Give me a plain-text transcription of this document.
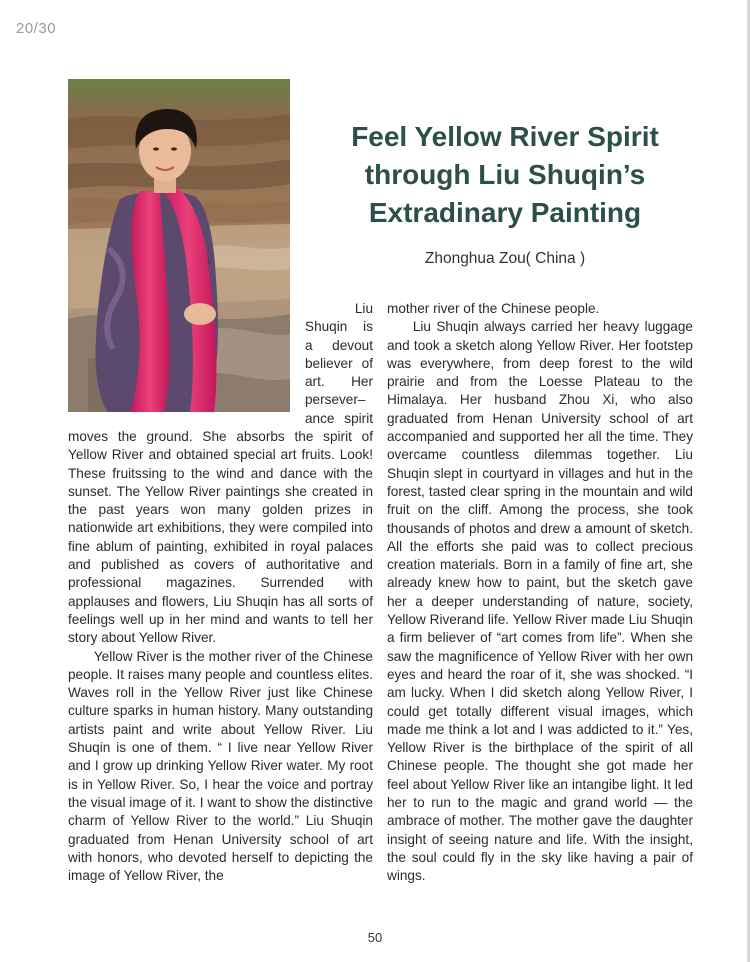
20/30
Feel Yellow River Spirit through Liu Shuqin’s Extradinary Painting
Zhonghua Zou( China )
Liu
Shuqin is
a devout
believer of
art. Her
persever–
ance spirit

moves the ground. She absorbs the spirit of Yellow River and obtained special art fruits. Look! These fruitssing to the wind and dance with the sunset. The Yellow River paintings she created in the past years won many golden prizes in nationwide art exhibitions, they were compiled into fine ablum of painting, exhibited in royal palaces and published as covers of authoritative and professional magazines. Surrended with applauses and flowers, Liu Shuqin has all sorts of feelings well up in her mind and wants to tell her story about Yellow River.

Yellow River is the mother river of the Chinese people. It raises many people and countless elites. Waves roll in the Yellow River just like Chinese culture sparks in human history. Many outstanding artists paint and write about Yellow River. Liu Shuqin is one of them. “ I live near Yellow River and I grow up drinking Yellow River water. My root is in Yellow River. So, I hear the voice and portray the visual image of it. I want to show the distinctive charm of Yellow River to the world.” Liu Shuqin graduated from Henan University school of art with honors, who devoted herself to depicting the image of Yellow River, the

mother river of the Chinese people.

Liu Shuqin always carried her heavy luggage and took a sketch along Yellow River. Her footstep was everywhere, from deep forest to the wild prairie and from the Loesse Plateau to the Himalaya. Her husband Zhou Xi, who also graduated from Henan University school of art accompanied and supported her all the time. They overcame countless dilemmas together. Liu Shuqin slept in courtyard in villages and hut in the forest, tasted clear spring in the mountain and wild fruit on the cliff. Among the process, she took thousands of photos and drew a amount of sketch. All the efforts she paid was to collect precious creation materials. Born in a family of fine art, she already knew how to paint, but the sketch gave her a deeper understanding of nature, society, Yellow Riverand life. Yellow River made Liu Shuqin a firm believer of “art comes from life”. When she saw the magnificence of Yellow River with her own eyes and heard the roar of it, she was shocked. “I am lucky. When I did sketch along Yellow River, I could get totally different visual images, which made me think a lot and I was addicted to it.” Yes, Yellow River is the birthplace of the spirit of all Chinese people. The thought she got made her feel about Yellow River like an intangibe light. It led her to run to the magic and grand world — the ambrace of mother. The mother gave the daughter insight of seeing nature and life. With the insight, the soul could fly in the sky like having a pair of wings.

50
